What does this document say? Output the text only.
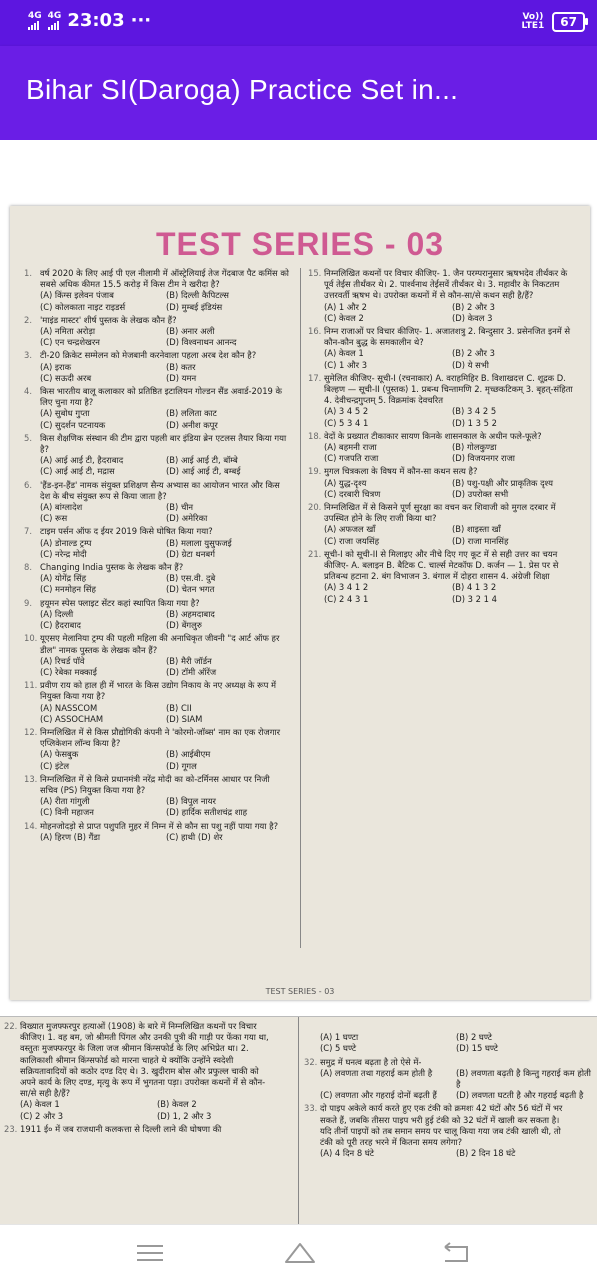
4G 4G 23:03 ···	Vo))
LTE1	67
Bihar SI(Daroga) Practice Set in...
TEST SERIES - 03
1. वर्ष 2020 के लिए आई पी एल नीलामी में ऑस्ट्रेलियाई तेज गेंदबाज पैट कमिंस को सबसे अधिक कीमत 15.5 करोड़ में किस टीम ने खरीदा है?
(A) किंग्स इलेवन पंजाब	(B) दिल्ली कैपिटल्स
(C) कोलकाता नाइट राइडर्स	(D) मुम्बई इंडियंस
2. 'माइंड मास्टर' शीर्ष पुस्तक के लेखक कौन हैं?
(A) नमिता अरोड़ा	(B) अनार अली
(C) एन चन्द्रशेखरन	(D) विश्वनाथन आनन्द
3. टी-20 क्रिकेट सम्मेलन को मेजबानी करनेवाला पहला अरब देश कौन है?
(A) इराक	(B) कतर
(C) सऊदी अरब	(D) यमन
4. किस भारतीय बालू कलाकार को प्रतिष्ठित इटालियन गोल्डन सैंड अवार्ड-2019 के लिए चुना गया है?
(A) सुबोध गुप्ता	(B) ललिता काट
(C) सुदर्शन पटनायक	(D) अनीश कपूर
5. किस शैक्षणिक संस्थान की टीम द्वारा पहली बार इंडिया ब्रेन एटलस तैयार किया गया है?
(A) आई आई टी, हैदराबाद	(B) आई आई टी, बॉम्बे
(C) आई आई टी, मद्रास	(D) आई आई टी, बम्बई
6. 'हैंड-इन-हैंड' नामक संयुक्त प्रशिक्षण सैन्य अभ्यास का आयोजन भारत और किस देश के बीच संयुक्त रूप से किया जाता है?
(A) बांग्लादेश	(B) चीन
(C) रूस	(D) अमेरिका
7. टाइम पर्सन ऑफ द ईयर 2019 किसे घोषित किया गया?
(A) डोनाल्ड ट्रम्प	(B) मलाला युसुफजई
(C) नरेन्द्र मोदी	(D) ग्रेटा थनबर्ग
8. Changing India पुस्तक के लेखक कौन हैं?
(A) योगेंद्र सिंह	(B) एस.वी. दुबे
(C) मनमोहन सिंह	(D) चेतन भगत
9. हयूमन स्पेस फ्लाइट सेंटर कहां स्थापित किया गया है?
(A) दिल्ली	(B) अहमदाबाद
(C) हैदराबाद	(D) बेंगलुरु
10. यूएसए मेलानिया ट्रम्प की पहली महिला की अनाधिकृत जीवनी "द आर्ट ऑफ हर डील" नामक पुस्तक के लेखक कौन हैं?
(A) रिचर्ड पॉवे	(B) मैरी जॉर्डन
(C) रेबेका मक्काई	(D) टॉमी ऑरेंज
11. प्रवीण राय को हाल ही में भारत के किस उद्योग निकाय के नए अध्यक्ष के रूप में नियुक्त किया गया है?
(A) NASSCOM	(B) CII
(C) ASSOCHAM	(D) SIAM
12. निम्नलिखित में से किस प्रौद्योगिकी कंपनी ने 'कोरमो-जॉब्स' नाम का एक रोजगार एप्लिकेशन लॉन्च किया है?
(A) फेसबुक	(B) आईबीएम
(C) इंटेल	(D) गूगल
13. निम्नलिखित में से किसे प्रधानमंत्री नरेंद्र मोदी का को-टर्मिनस आधार पर निजी सचिव (PS) नियुक्त किया गया है?
(A) रीता गांगुली	(B) विपुल नायर
(C) विनी महाजन	(D) हार्दिक सतीशचंद्र शाह
14. मोहनजोदड़ो से प्राप्त पशुपति मुहर में निम्न में से कौन सा पशु नहीं पाया गया है?
(A) हिरण (B) गैंडा	(C) हाथी (D) शेर
15. निम्नलिखित कथनों पर विचार कीजिए- 1. जैन परम्परानुसार ऋषभदेव तीर्थंकर के पूर्व तेईस तीर्थंकर थे। 2. पार्श्वनाथ तेईसवें तीर्थंकर थे। 3. महावीर के निकटतम उत्तरवर्ती ऋषभ थे। उपरोक्त कथनों में से कौन-सा/से कथन सही है/हैं?
(A) 1 और 2	(B) 2 और 3
(C) केवल 2	(D) केवल 3
16. निम्न राजाओं पर विचार कीजिए- 1. अजातशत्रु 2. बिन्दुसार 3. प्रसेनजित इनमें से कौन-कौन बुद्ध के समकालीन थे?
(A) केवल 1	(B) 2 और 3
(C) 1 और 3	(D) ये सभी
17. सुमेलित कीजिए- सूची-I (रचनाकार) A. वराहमिहिर B. विशाखदत्त C. शूद्रक D. बिल्हण — सूची-II (पुस्तक) 1. प्रबन्ध चिन्तामणि 2. मृच्छकटिकम् 3. बृहत्-संहिता 4. देवीचन्द्रगुप्तम् 5. विक्रमांक देवचरित
(A) 3 4 5 2	(B) 3 4 2 5
(C) 5 3 4 1	(D) 1 3 5 2
18. वेदों के प्रख्यात टीकाकार सायण किनके शासनकाल के अधीन फले-फूले?
(A) बहमनी राजा	(B) गोलकुण्डा
(C) गजपति राजा	(D) विजयनगर राजा
19. मुगल चित्रकला के विषय में कौन-सा कथन सत्य है?
(A) युद्ध-दृश्य	(B) पशु-पक्षी और प्राकृतिक दृश्य
(C) दरबारी चित्रण	(D) उपरोक्त सभी
20. निम्नलिखित में से किसने पूर्ण सुरक्षा का वचन कर शिवाजी को मुगल दरबार में उपस्थित होने के लिए राजी किया था?
(A) अफजल खाँ	(B) शाइस्ता खाँ
(C) राजा जयसिंह	(D) राजा मानसिंह
21. सूची-I को सूची-II से मिलाइए और नीचे दिए गए कूट में से सही उत्तर का चयन कीजिए- A. बलाइन B. बैटिक C. चार्ल्स मेटकॉफ D. कर्जन — 1. प्रेस पर से प्रतिबन्ध हटाना 2. बंग विभाजन 3. बंगाल में दोहरा शासन 4. अंग्रेजी शिक्षा
(A) 3 4 1 2	(B) 4 1 3 2
(C) 2 4 3 1	(D) 3 2 1 4
TEST SERIES - 03
22. विख्यात मुजफ्फरपुर हत्याओं (1908) के बारे में निम्नलिखित कथनों पर विचार कीजिए। 1. वह बम, जो श्रीमती पिंगल और उनकी पुत्री की गाड़ी पर फेंका गया था, वस्तुतः मुजफ्फरपुर के जिला जज श्रीमान किंग्सफोर्ड के लिए अभिप्रेत था। 2. कालिकाशी श्रीमान किंग्सफोर्ड को मारना चाहते थे क्योंकि उन्होंने स्वदेशी सक्रियतावादियों को कठोर दण्ड दिए थे। 3. खुदीराम बोस और प्रफुल्ल चाकी को अपने कार्य के लिए दण्ड, मृत्यु के रूप में भुगतना पड़ा। उपरोक्त कथनों में से कौन-सा/से सही है/हैं?
(A) केवल 1	(B) केवल 2
(C) 2 और 3	(D) 1, 2 और 3
23. 1911 ई० में जब राजधानी कलकत्ता से दिल्ली लाने की घोषणा की
(A) 1 घण्टा	(B) 2 घण्टे
(C) 5 घण्टे	(D) 15 घण्टे
32. समुद्र में घनत्व बढ़ता है तो ऐसे में-
(A) लवणता तथा गहराई कम होती है	(B) लवणता बढ़ती है किन्तु गहराई कम होती है
(C) लवणता और गहराई दोनों बढ़ती हैं	(D) लवणता घटती है और गहराई बढ़ती है
33. दो पाइप अकेले कार्य करते हुए एक टंकी को क्रमशः 42 घंटों और 56 घंटों में भर सकते हैं, जबकि तीसरा पाइप भरी हुई टंकी को 32 घंटों में खाली कर सकता है। यदि तीनों पाइपों को तब समान समय पर चालू किया गया जब टंकी खाली थी, तो टंकी को पूरी तरह भरने में कितना समय लगेगा?
(A) 4 दिन 8 घंटे	(B) 2 दिन 18 घंटे
